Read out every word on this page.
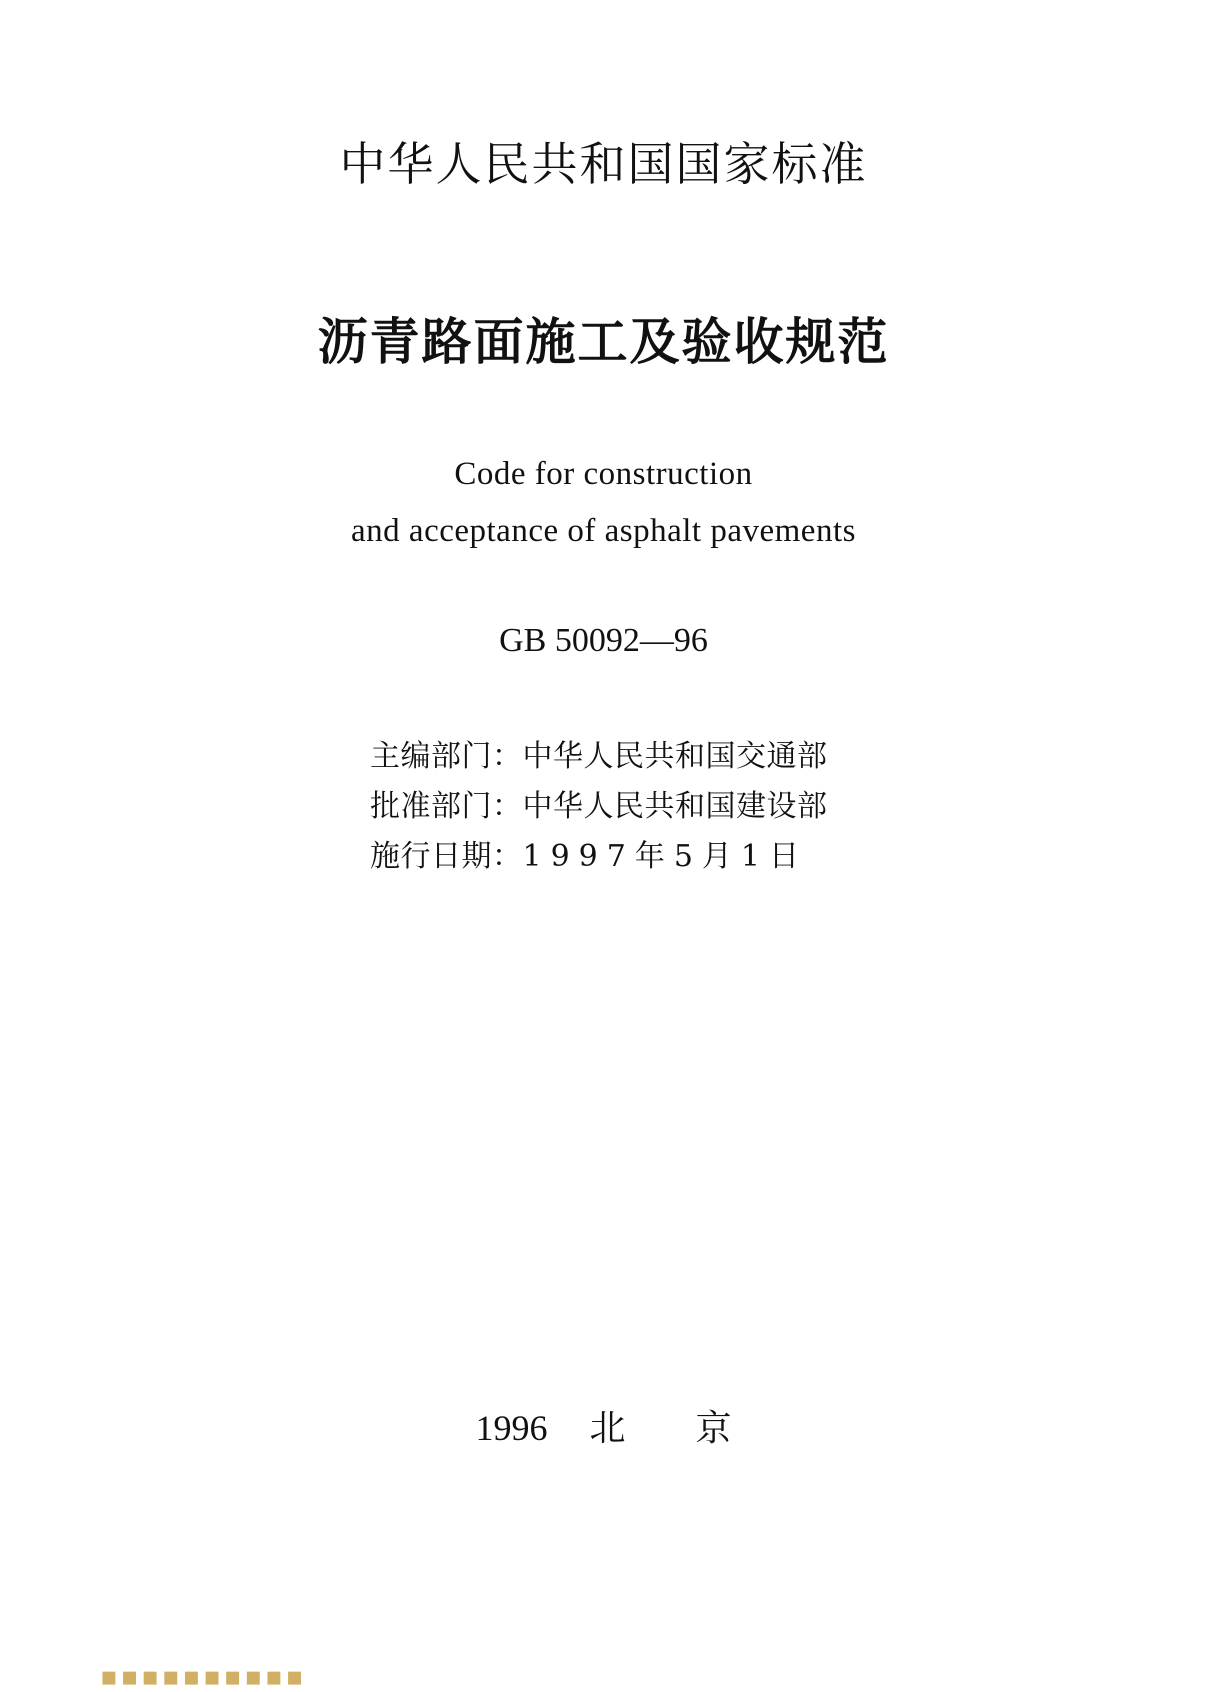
中华人民共和国国家标准
沥青路面施工及验收规范
Code for construction
and acceptance of asphalt pavements
GB 50092—96
主编部门：中华人民共和国交通部
批准部门：中华人民共和国建设部
施行日期：1997年5月1日
1996 北京
▪▪▪▪▪▪▪▪▪▪
